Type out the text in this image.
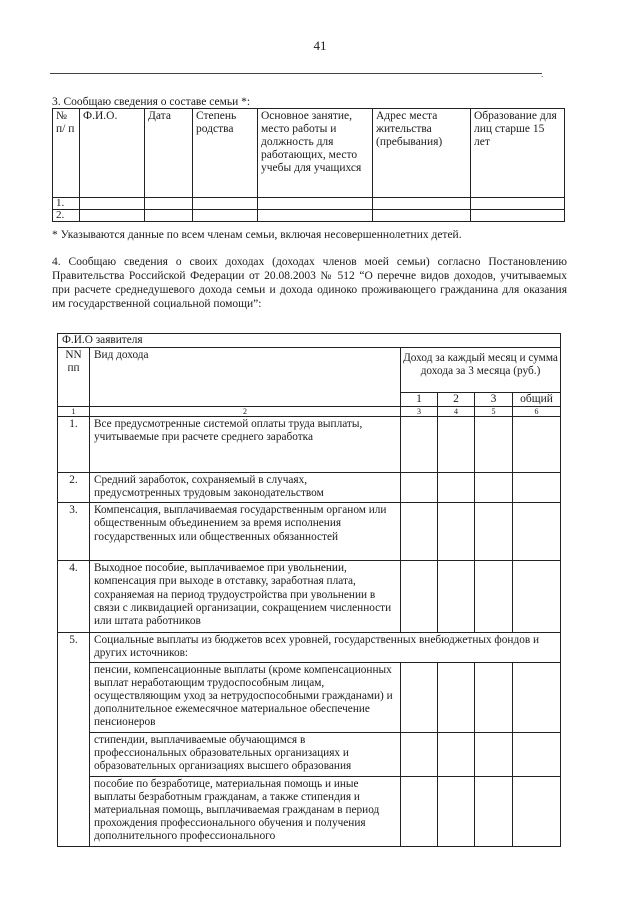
41
.
3. Сообщаю сведения о составе семьи *:
№ п/ п	Ф.И.О.	Дата	Степень родства	Основное занятие, место работы и должность для работающих, место учебы для учащихся	Адрес места жительства (пребывания)	Образование для лиц старше 15 лет
1.						
2.						
* Указываются данные по всем членам семьи, включая несовершеннолетних детей.
4. Сообщаю сведения о своих доходах (доходах членов моей семьи) согласно Постановлению Правительства Российской Федерации от 20.08.2003 № 512 “О перечне видов доходов, учитываемых при расчете среднедушевого дохода семьи и дохода одиноко проживающего гражданина для оказания им государственной социальной помощи”:
Ф.И.О заявителя					
NN пп	Вид дохода	Доход за каждый месяц и сумма дохода за 3 месяца (руб.)			
		1	2	3	общий
1	2	3	4	5	6
1.	Все предусмотренные системой оплаты труда выплаты, учитываемые при расчете среднего заработка				
2.	Средний заработок, сохраняемый в случаях, предусмотренных трудовым законодательством				
3.	Компенсация, выплачиваемая государственным органом или общественным объединением за время исполнения государственных или общественных обязанностей				
4.	Выходное пособие, выплачиваемое при увольнении, компенсация при выходе в отставку, заработная плата, сохраняемая на период трудоустройства при увольнении в связи с ликвидацией организации, сокращением численности или штата работников				
5.	Социальные выплаты из бюджетов всех уровней, государственных внебюджетных фондов и других источников:				
	пенсии, компенсационные выплаты (кроме компенсационных выплат неработающим трудоспособным лицам, осуществляющим уход за нетрудоспособными гражданами) и дополнительное ежемесячное материальное обеспечение пенсионеров				
	стипендии, выплачиваемые обучающимся в профессиональных образовательных организациях и образовательных организациях высшего образования				
	пособие по безработице, материальная помощь и иные выплаты безработным гражданам, а также стипендия и материальная помощь, выплачиваемая гражданам в период прохождения профессионального обучения и получения дополнительного профессионального				
